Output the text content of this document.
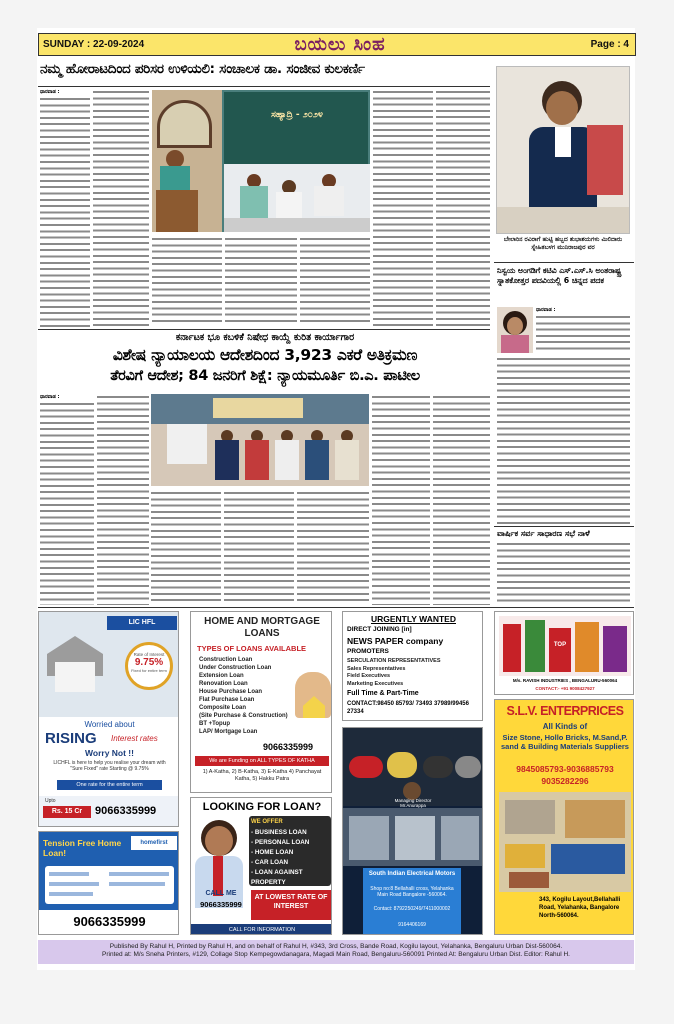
SUNDAY : 22-09-2024	ಬಯಲು ಸಿಂಹ	Page : 4
ನಮ್ಮ ಹೋರಾಟದಿಂದ ಪರಿಸರ ಉಳಿಯಲಿ: ಸಂಚಾಲಕ ಡಾ. ಸಂಜೀವ ಕುಲಕರ್ಣಿ
ಧಾರವಾಡ :
ಸಹ್ಯಾದ್ರಿ - ೨೦೨೪
ಕರ್ನಾಟಕ ಭೂ ಕಬಳಿಕೆ ನಿಷೇಧ ಕಾಯ್ದೆ ಕುರಿತ ಕಾರ್ಯಾಗಾರ
ವಿಶೇಷ ನ್ಯಾಯಾಲಯ ಆದೇಶದಿಂದ 3,923 ಎಕರೆ ಅತಿಕ್ರಮಣ
ತೆರವಿಗೆ ಆದೇಶ; 84 ಜನರಿಗೆ ಶಿಕ್ಷೆ: ನ್ಯಾಯಮೂರ್ತಿ ಬಿ.ಎ. ಪಾಟೀಲ
ಧಾರವಾಡ :
ಬೇಲಾರಿನ ರವಿರಾಗೆ ಹುಟ್ಟಿ ಹಬ್ಬದ ಶುಭಾಶಯಗಳು ಮಿಲಿದಾರು ಸ್ನೇಹಿತಬಳಗ ಮುನಿರಾಜಪುರ ವರ
ನಿಸ್ವಯ ಅಂಗಡಿಗೆ ಕಟಿವಿ ಎಸ್.ಎಸ್.ಸಿ ಅಂತರಾಷ್ಟ್ರ ಸ್ನಾತಕೋತ್ತರ ಪದವಿಯಲ್ಲಿ 6 ಚಿನ್ನದ ಪದಕ
ಧಾರವಾಡ :
ವಾರ್ಷಿಕ ಸರ್ವ ಸಾಧಾರಣ ಸಭೆ ನಾಳೆ
LIC HFL
Rate of Interest
9.75%
Fixed for entire term
Worried about
RISING	Interest rates
Worry Not !!
LICHFL is here to help you realise your dream with "Sure Fixed" rate Starting @ 9.75%
One rate for the entire term
Upto
Rs. 15 Cr	9066335999
Tension Free Home Loan!
homefirst
9066335999
HOME AND MORTGAGE LOANS
TYPES OF LOANS AVAILABLE
Construction Loan
Under Construction Loan
Extension Loan
Renovation Loan
House Purchase Loan
Flat Purchase Loan
Composite Loan
(Site Purchase & Construction)
BT +Topup
LAP/ Mortgage Loan
9066335999
We are Funding on ALL TYPES OF KATHA
1) A-Katha, 2) B-Katha, 3) E-Katha 4) Panchayat Katha, 5) Hakku Patra
LOOKING FOR LOAN?
WE OFFER
- BUSINESS LOAN
- PERSONAL LOAN
- HOME LOAN
- CAR LOAN
- LOAN AGAINST PROPERTY
CALL ME
9066335999
AT LOWEST RATE OF INTEREST
CALL FOR INFORMATION
URGENTLY WANTED
DIRECT JOINING [in]
NEWS PAPER company
PROMOTERS
SERCULATION REPRESENTATIVES
Sales Representatives
Field Executives
Marketing Executives
Full Time & Part-Time
CONTACT:98450 85793/ 73493 37989/99456 27334
Managing Director Mr.Anurappa
South Indian Electrical Motors
Shop no:8 Bellahalli cross, Yelahanka Main Road Bangalore -560064.
Contact: 8792250249/7411000002
9164406169
TOP
M/s. RAVISH INDUSTRIES , BENGALURU-560064
CONTACT:- +91 9008427927
S.L.V. ENTERPRICES
All Kinds of
Size Stone, Hollo Bricks, M.Sand,P. sand & Building Materials Suppliers
9845085793-9036885793
9035282296
343, Kogilu Layout,Bellahalli Road, Yelahanka, Bangalore North-560064.
Published By Rahul H, Printed by Rahul H, and on behalf of Rahul H, #343, 3rd Cross, Bande Road, Kogilu layout, Yelahanka, Bengaluru Urban Dist-560064.
Printed at: M/s Sneha Printers, #129, Collage Stop Kempegowdanagara, Magadi Main Road, Bengaluru-560091 Printed At: Bengaluru Urban Dist. Editor: Rahul H.
